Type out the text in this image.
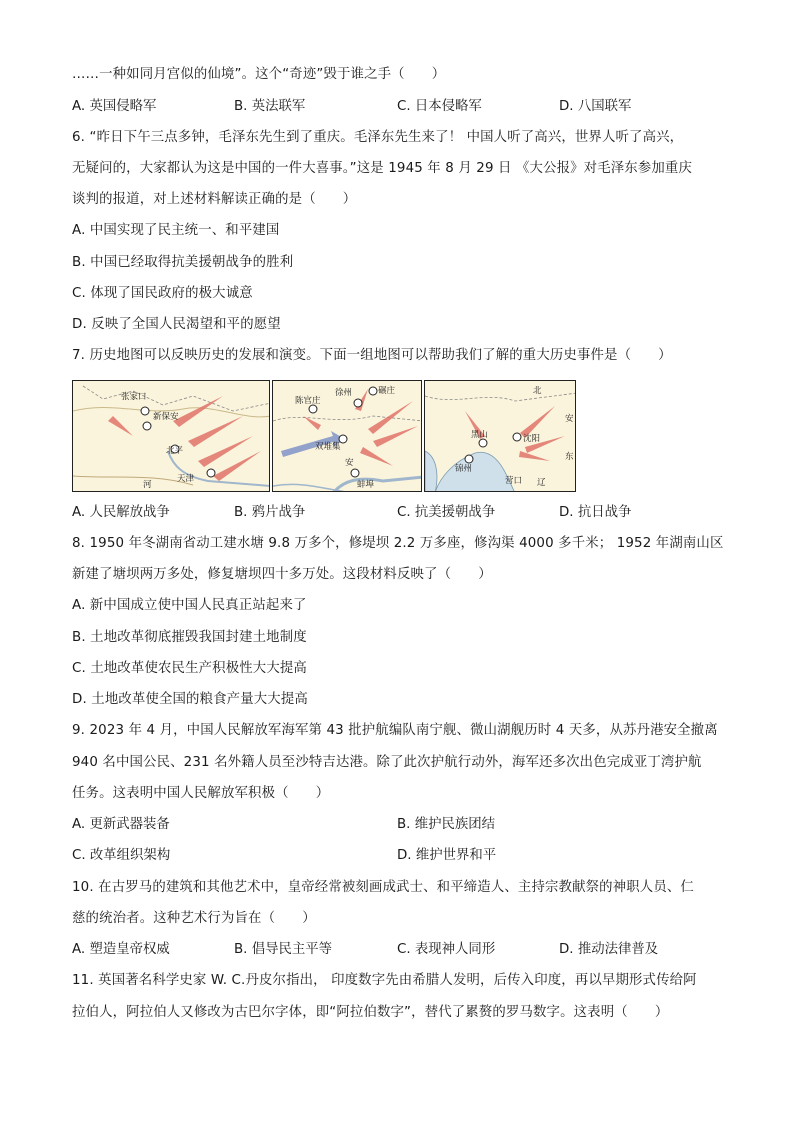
……一种如同月宫似的仙境”。这个“奇迹”毁于谁之手（　　）
A. 英国侵略军	B. 英法联军	C. 日本侵略军	D. 八国联军
6. “昨日下午三点多钟，毛泽东先生到了重庆。毛泽东先生来了！ 中国人听了高兴，世界人听了高兴，
无疑问的，大家都认为这是中国的一件大喜事。”这是 1945 年 8 月 29 日 《大公报》对毛泽东参加重庆
谈判的报道，对上述材料解读正确的是（　　）
A. 中国实现了民主统一、和平建国
B. 中国已经取得抗美援朝战争的胜利
C. 体现了国民政府的极大诚意
D. 反映了全国人民渴望和平的愿望
7. 历史地图可以反映历史的发展和演变。下面一组地图可以帮助我们了解的重大历史事件是（　　）
张家口
新保安
北平
天津
河
陈官庄
徐州	碾庄
双堆集
蚌埠
安
北
锦州
沈阳
营口
安
东
辽
黑山
A. 人民解放战争	B. 鸦片战争	C. 抗美援朝战争	D. 抗日战争
8. 1950 年冬湖南省动工建水塘 9.8 万多个，修堤坝 2.2 万多座，修沟渠 4000 多千米； 1952 年湖南山区
新建了塘坝两万多处，修复塘坝四十多万处。这段材料反映了（　　）
A. 新中国成立使中国人民真正站起来了
B. 土地改革彻底摧毁我国封建土地制度
C. 土地改革使农民生产积极性大大提高
D. 土地改革使全国的粮食产量大大提高
9. 2023 年 4 月，中国人民解放军海军第 43 批护航编队南宁舰、微山湖舰历时 4 天多，从苏丹港安全撤离
940 名中国公民、231 名外籍人员至沙特吉达港。除了此次护航行动外，海军还多次出色完成亚丁湾护航
任务。这表明中国人民解放军积极（　　）
A. 更新武器装备	B. 维护民族团结
C. 改革组织架构	D. 维护世界和平
10. 在古罗马的建筑和其他艺术中，皇帝经常被刻画成武士、和平缔造人、主持宗教献祭的神职人员、仁
慈的统治者。这种艺术行为旨在（　　）
A. 塑造皇帝权威	B. 倡导民主平等	C. 表现神人同形	D. 推动法律普及
11. 英国著名科学史家 W. C.丹皮尔指出， 印度数字先由希腊人发明，后传入印度，再以早期形式传给阿
拉伯人，阿拉伯人又修改为古巴尔字体，即“阿拉伯数字”，替代了累赘的罗马数字。这表明（　　）
